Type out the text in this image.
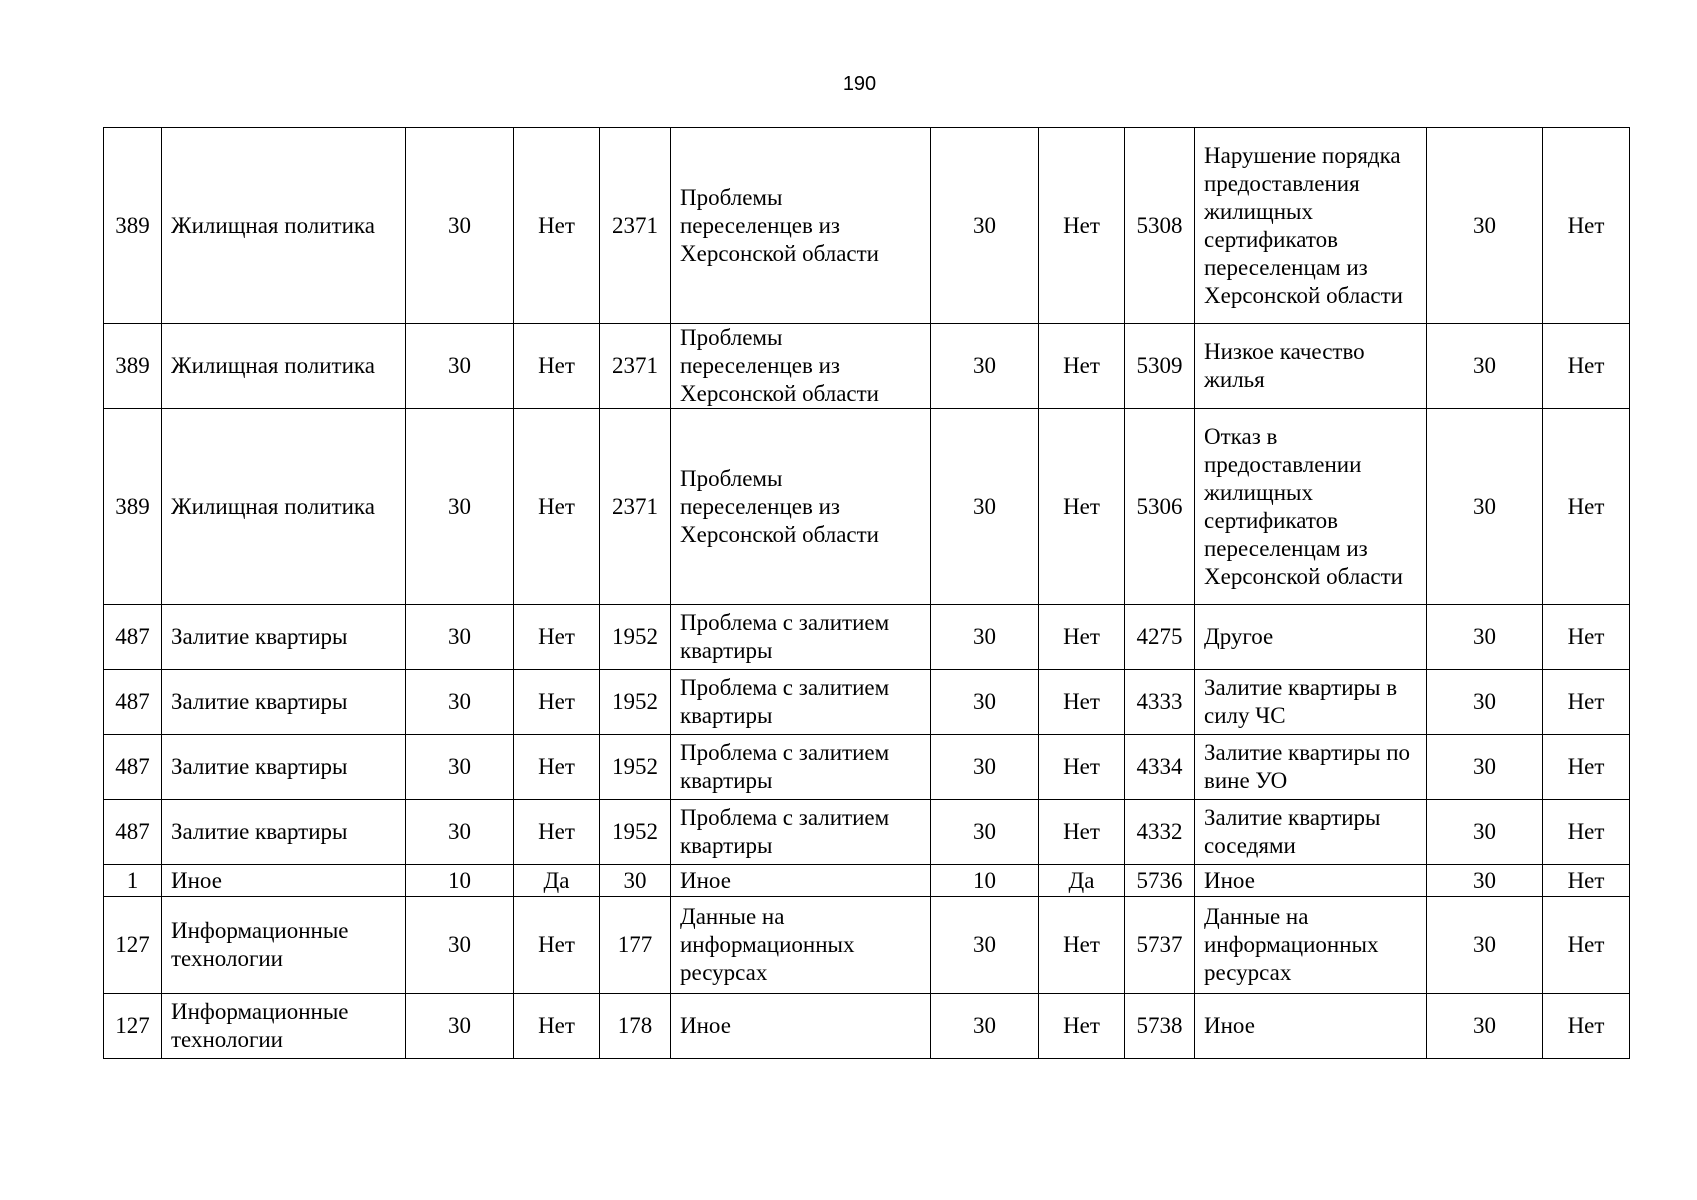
190
389	Жилищная политика	30	Нет	2371	Проблемы переселенцев из Херсонской области	30	Нет	5308	Нарушение порядка предоставления жилищных сертификатов переселенцам из Херсонской области	30	Нет
389	Жилищная политика	30	Нет	2371	Проблемы переселенцев из Херсонской области	30	Нет	5309	Низкое качество жилья	30	Нет
389	Жилищная политика	30	Нет	2371	Проблемы переселенцев из Херсонской области	30	Нет	5306	Отказ в предоставлении жилищных сертификатов переселенцам из Херсонской области	30	Нет
487	Залитие квартиры	30	Нет	1952	Проблема с залитием квартиры	30	Нет	4275	Другое	30	Нет
487	Залитие квартиры	30	Нет	1952	Проблема с залитием квартиры	30	Нет	4333	Залитие квартиры в силу ЧС	30	Нет
487	Залитие квартиры	30	Нет	1952	Проблема с залитием квартиры	30	Нет	4334	Залитие квартиры по вине УО	30	Нет
487	Залитие квартиры	30	Нет	1952	Проблема с залитием квартиры	30	Нет	4332	Залитие квартиры соседями	30	Нет
1	Иное	10	Да	30	Иное	10	Да	5736	Иное	30	Нет
127	Информационные технологии	30	Нет	177	Данные на информационных ресурсах	30	Нет	5737	Данные на информационных ресурсах	30	Нет
127	Информационные технологии	30	Нет	178	Иное	30	Нет	5738	Иное	30	Нет
